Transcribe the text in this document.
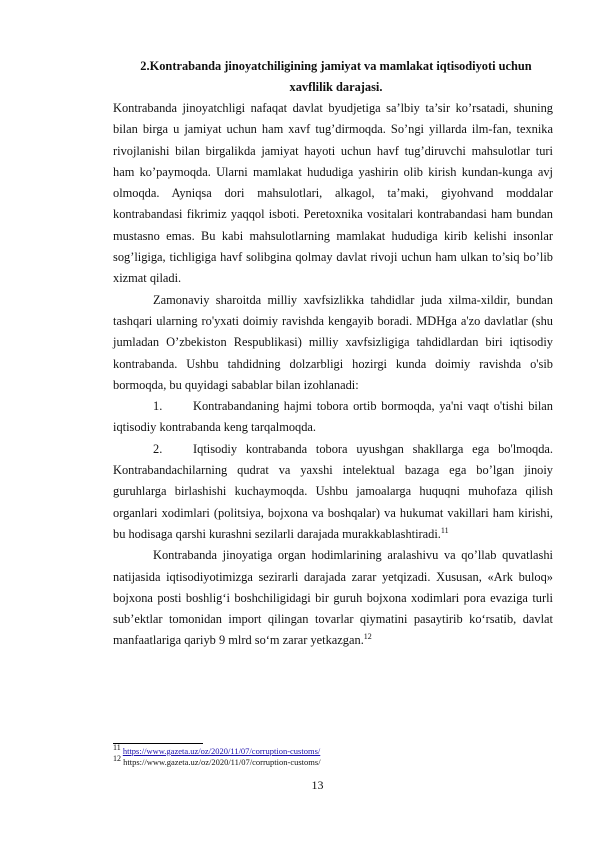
2.Kontrabanda jinoyatchiligining jamiyat va mamlakat iqtisodiyoti uchun
xavflilik darajasi.

Kontrabanda jinoyatchligi nafaqat davlat byudjetiga sa’lbiy ta’sir ko’rsatadi, shuning bilan birga u jamiyat uchun ham xavf tug’dirmoqda. So’ngi yillarda ilm-fan, texnika rivojlanishi bilan birgalikda jamiyat hayoti uchun havf tug’diruvchi mahsulotlar turi ham ko’paymoqda. Ularni mamlakat hududiga yashirin olib kirish kundan-kunga avj olmoqda. Ayniqsa dori mahsulotlari, alkagol, ta’maki, giyohvand moddalar kontrabandasi fikrimiz yaqqol isboti. Peretoxnika vositalari kontrabandasi ham bundan mustasno emas. Bu kabi mahsulotlarning mamlakat hududiga kirib kelishi insonlar sog’ligiga, tichligiga havf solibgina qolmay davlat rivoji uchun ham ulkan to’siq bo’lib xizmat qiladi.

Zamonaviy sharoitda milliy xavfsizlikka tahdidlar juda xilma-xildir, bundan tashqari ularning ro'yxati doimiy ravishda kengayib boradi. MDHga a'zo davlatlar (shu jumladan O’zbekiston Respublikasi) milliy xavfsizligiga tahdidlardan biri iqtisodiy kontrabanda. Ushbu tahdidning dolzarbligi hozirgi kunda doimiy ravishda o'sib bormoqda, bu quyidagi sabablar bilan izohlanadi:

1. Kontrabandaning hajmi tobora ortib bormoqda, ya'ni vaqt o'tishi bilan iqtisodiy kontrabanda keng tarqalmoqda.

2. Iqtisodiy kontrabanda tobora uyushgan shakllarga ega bo'lmoqda. Kontrabandachilarning qudrat va yaxshi intelektual bazaga ega bo’lgan jinoiy guruhlarga birlashishi kuchaymoqda. Ushbu jamoalarga huquqni muhofaza qilish organlari xodimlari (politsiya, bojxona va boshqalar) va hukumat vakillari ham kirishi, bu hodisaga qarshi kurashni sezilarli darajada murakkablashtiradi.$^{11}$

Kontrabanda jinoyatiga organ hodimlarining aralashivu va qo’llab quvatlashi natijasida iqtisodiyotimizga sezirarli darajada zarar yetqizadi. Xususan, «Ark buloq» bojxona posti boshlig‘i boshchiligidagi bir guruh bojxona xodimlari pora evaziga turli sub’ektlar tomonidan import qilingan tovarlar qiymatini pasaytirib ko‘rsatib, davlat manfaatlariga qariyb 9 mlrd so‘m zarar yetkazgan.$^{12}$

11 https://www.gazeta.uz/oz/2020/11/07/corruption-customs/

12 https://www.gazeta.uz/oz/2020/11/07/corruption-customs/

13
